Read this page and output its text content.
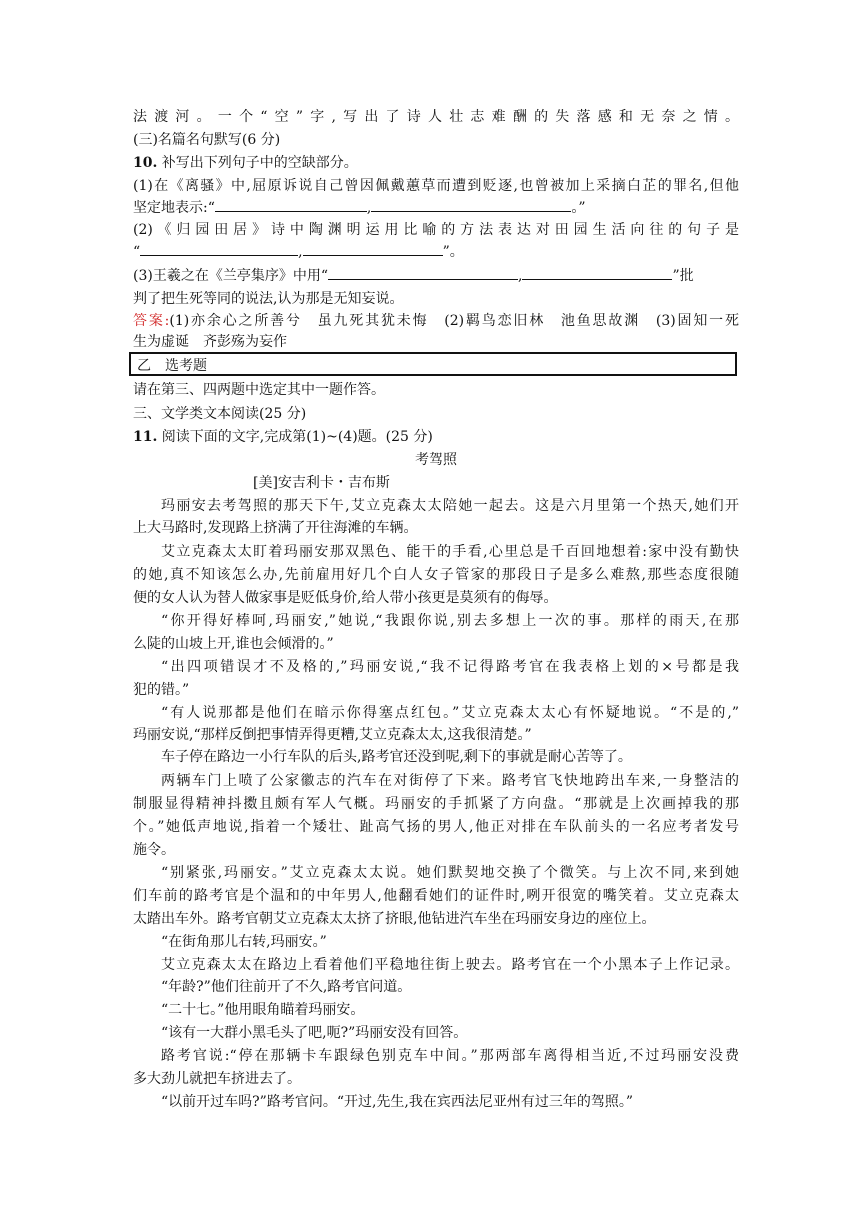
法渡河。一个“空”字,写出了诗人壮志难酬的失落感和无奈之情。
(三)名篇名句默写(6 分)
10. 补写出下列句子中的空缺部分。
(1)在《离骚》中,屈原诉说自己曾因佩戴蕙草而遭到贬逐,也曾被加上采摘白芷的罪名,但他
坚定地表示:“	,	。”
(2) 《 归 园 田 居 》 诗 中 陶 渊 明 运 用 比 喻 的 方 法 表 达 对 田 园 生 活 向 往 的 句 子 是
“	,	”。
(3)王羲之在《兰亭集序》中用“	,	”批
判了把生死等同的说法,认为那是无知妄说。
答案:(1)亦余心之所善兮　虽九死其犹未悔　(2)羁鸟恋旧林　池鱼思故渊　(3)固知一死
生为虚诞　齐彭殇为妄作
乙　选考题
请在第三、四两题中选定其中一题作答。
三、文学类文本阅读(25 分)
11. 阅读下面的文字,完成第(1)~(4)题。(25 分)
考驾照
[美]安吉利卡・吉布斯
玛丽安去考驾照的那天下午,艾立克森太太陪她一起去。这是六月里第一个热天,她们开
上大马路时,发现路上挤满了开往海滩的车辆。
艾立克森太太盯着玛丽安那双黑色、能干的手看,心里总是千百回地想着:家中没有勤快
的她,真不知该怎么办,先前雇用好几个白人女子管家的那段日子是多么难熬,那些态度很随
便的女人认为替人做家事是贬低身价,给人带小孩更是莫须有的侮辱。
“你开得好棒呵,玛丽安,”她说,“我跟你说,别去多想上一次的事。那样的雨天,在那
么陡的山坡上开,谁也会倾滑的。”
“出四项错误才不及格的,”玛丽安说,“我不记得路考官在我表格上划的×号都是我
犯的错。”
“有人说那都是他们在暗示你得塞点红包。”艾立克森太太心有怀疑地说。“不是的,”
玛丽安说,“那样反倒把事情弄得更糟,艾立克森太太,这我很清楚。”
车子停在路边一小行车队的后头,路考官还没到呢,剩下的事就是耐心苦等了。
两辆车门上喷了公家徽志的汽车在对街停了下来。路考官飞快地跨出车来,一身整洁的
制服显得精神抖擞且颇有军人气概。玛丽安的手抓紧了方向盘。“那就是上次画掉我的那
个。”她低声地说,指着一个矮壮、趾高气扬的男人,他正对排在车队前头的一名应考者发号
施令。
“别紧张,玛丽安。”艾立克森太太说。她们默契地交换了个微笑。与上次不同,来到她
们车前的路考官是个温和的中年男人,他翻看她们的证件时,咧开很宽的嘴笑着。艾立克森太
太踏出车外。路考官朝艾立克森太太挤了挤眼,他钻进汽车坐在玛丽安身边的座位上。
“在街角那儿右转,玛丽安。”
艾立克森太太在路边上看着他们平稳地往街上驶去。路考官在一个小黑本子上作记录。
“年龄?”他们往前开了不久,路考官问道。
“二十七。”他用眼角瞄着玛丽安。
“该有一大群小黑毛头了吧,呃?”玛丽安没有回答。
路考官说:“停在那辆卡车跟绿色别克车中间。”那两部车离得相当近,不过玛丽安没费
多大劲儿就把车挤进去了。
“以前开过车吗?”路考官问。“开过,先生,我在宾西法尼亚州有过三年的驾照。”
